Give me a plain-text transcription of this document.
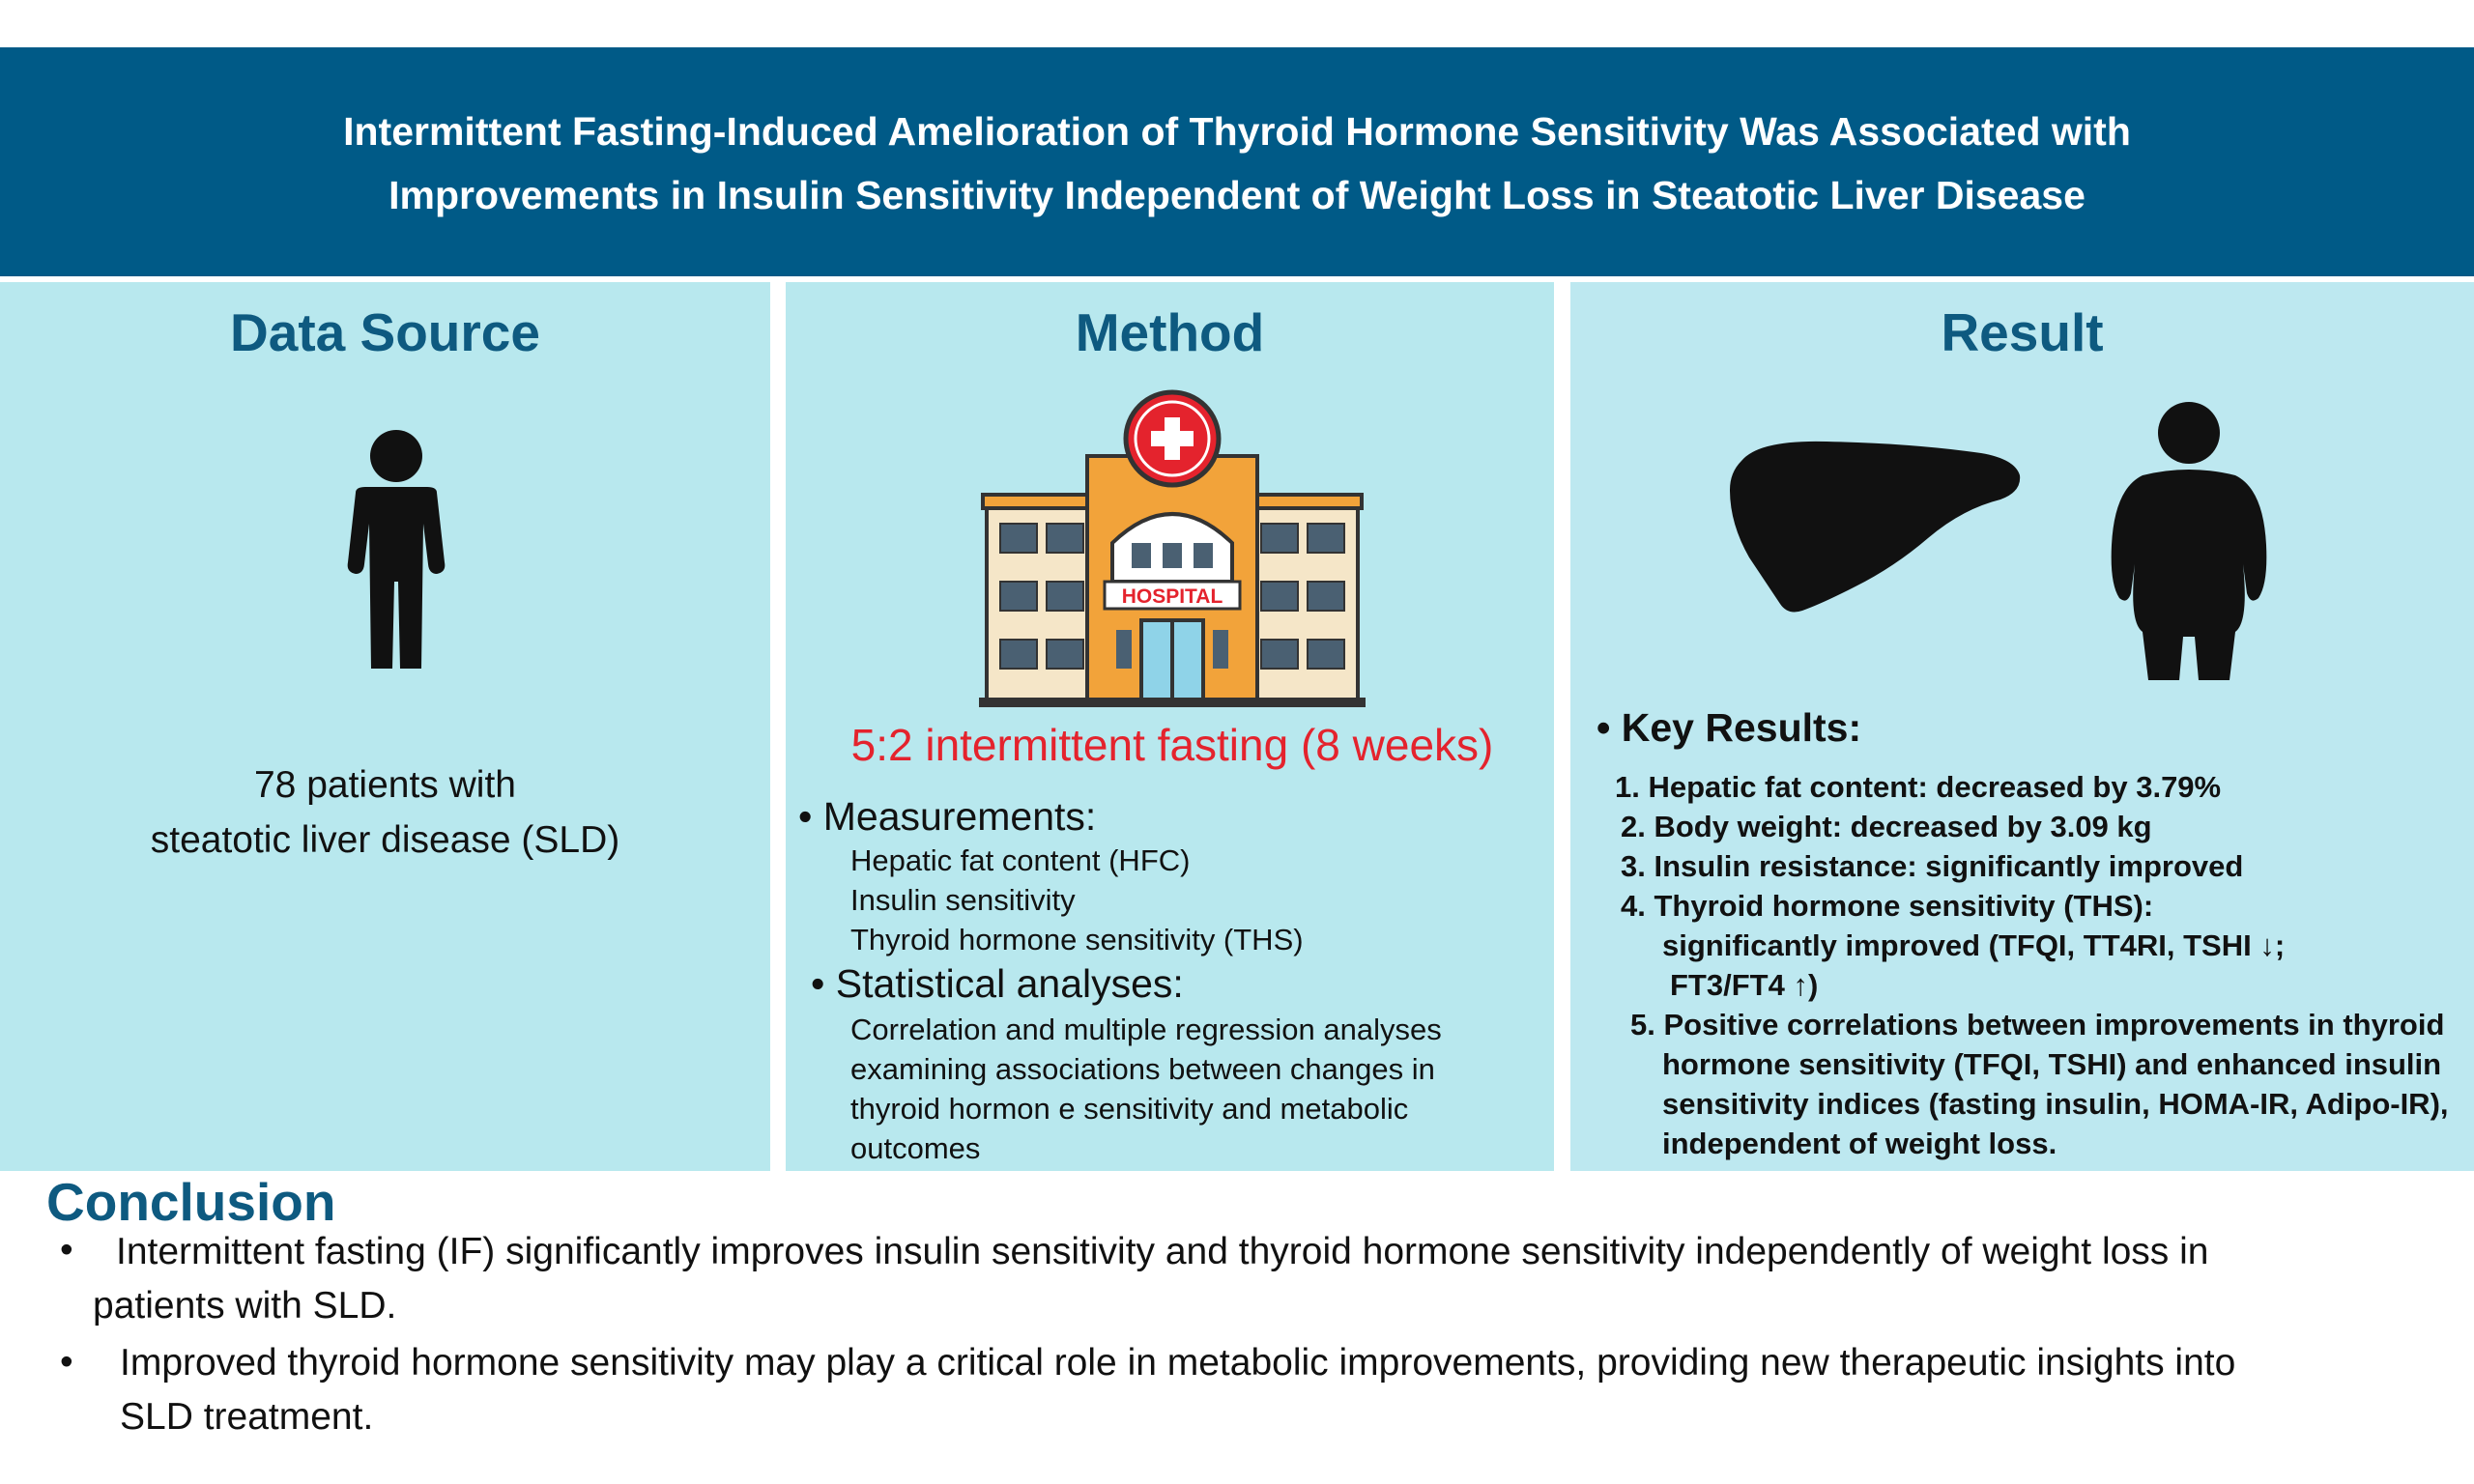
Intermittent Fasting-Induced Amelioration of Thyroid Hormone Sensitivity Was Associated with
Improvements in Insulin Sensitivity Independent of Weight Loss in Steatotic Liver Disease
Data Source
78 patients with
steatotic liver disease (SLD)
Method
HOSPITAL
5:2 intermittent fasting (8 weeks)
• Measurements:
Hepatic fat content (HFC)
Insulin sensitivity
Thyroid hormone sensitivity (THS)
• Statistical analyses:
Correlation and multiple regression analyses
examining associations between changes in
thyroid hormon e sensitivity and metabolic
outcomes
Result
• Key Results:
1. Hepatic fat content: decreased by 3.79%
2. Body weight: decreased by 3.09 kg
3. Insulin resistance: significantly improved
4. Thyroid hormone sensitivity (THS):
significantly improved (TFQI, TT4RI, TSHI ↓;
FT3/FT4 ↑)
5. Positive correlations between improvements in thyroid
hormone sensitivity (TFQI, TSHI) and enhanced insulin
sensitivity indices (fasting insulin, HOMA-IR, Adipo-IR),
independent of weight loss.
Conclusion
•	Intermittent fasting (IF) significantly improves insulin sensitivity and thyroid hormone sensitivity independently of weight loss in
patients with SLD.
• Improved thyroid hormone sensitivity may play a critical role in metabolic improvements, providing new therapeutic insights into
SLD treatment.
